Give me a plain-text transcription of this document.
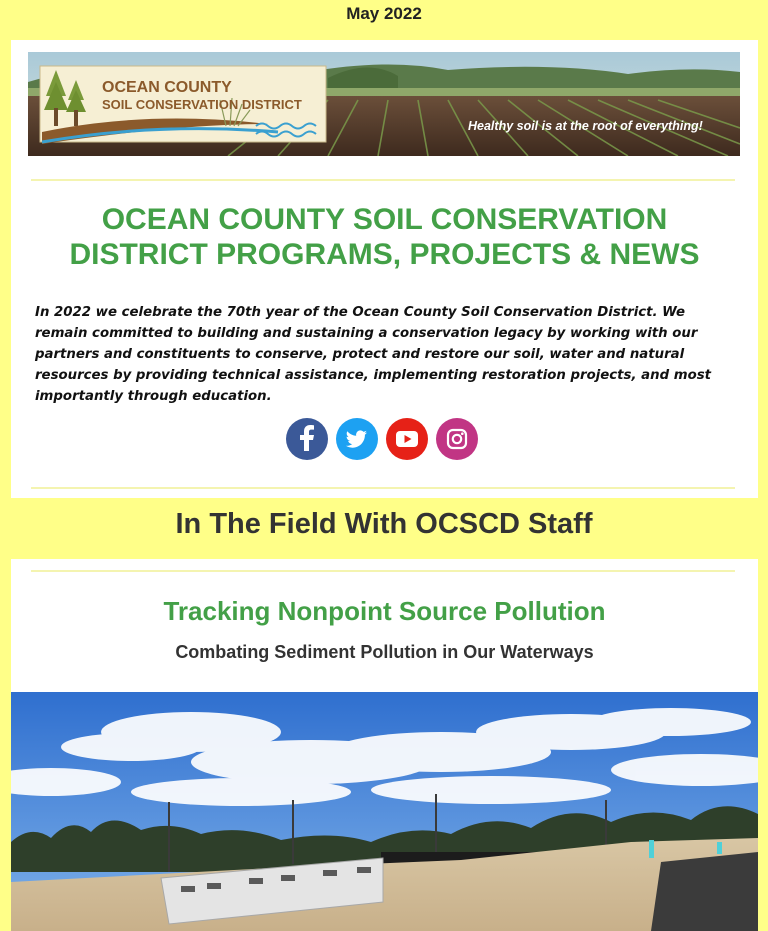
May 2022
OCEAN COUNTY
SOIL CONSERVATION DISTRICT
Healthy soil is at the root of everything!
OCEAN COUNTY SOIL CONSERVATION
DISTRICT PROGRAMS, PROJECTS & NEWS
In 2022 we celebrate the 70th year of the Ocean County Soil Conservation District. We remain committed to building and sustaining a conservation legacy by working with our partners and constituents to conserve, protect and restore our soil, water and natural resources by providing technical assistance, implementing restoration projects, and most importantly through education.
In The Field With OCSCD Staff
Tracking Nonpoint Source Pollution
Combating Sediment Pollution in Our Waterways
